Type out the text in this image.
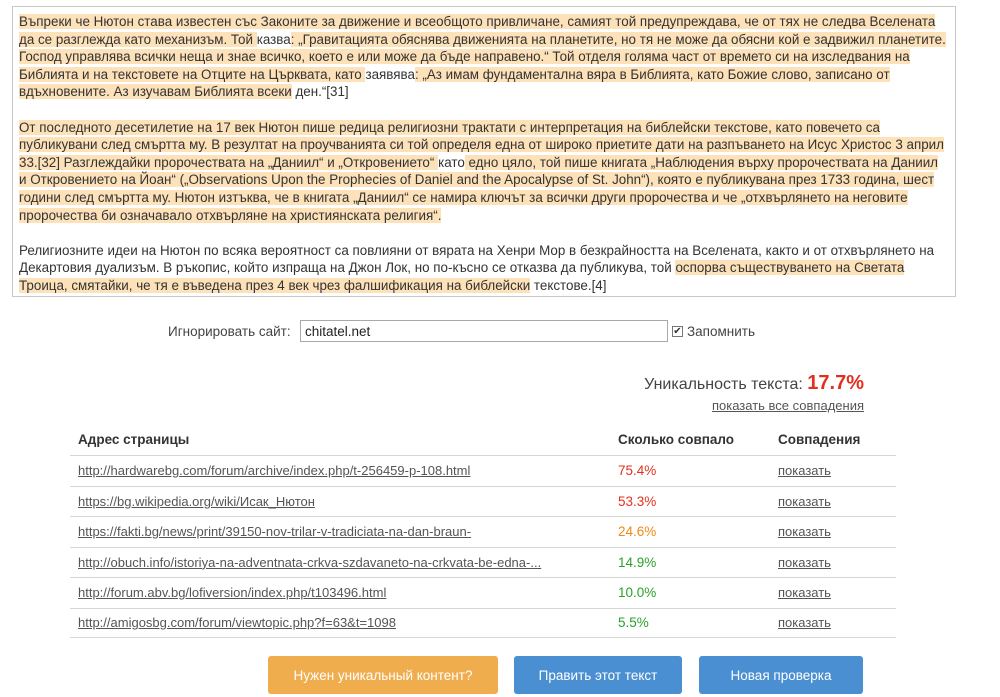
Въпреки че Нютон става известен със Законите за движение и всеобщото привличане, самият той предупреждава, че от тях не следва Вселената да се разглежда като механизъм. Той казва: „Гравитацията обяснява движенията на планетите, но тя не може да обясни кой е задвижил планетите. Господ управлява всички неща и знае всичко, което е или може да бъде направено.“ Той отделя голяма част от времето си на изследвания на Библията и на текстовете на Отците на Църквата, като заявява: „Аз имам фундаментална вяра в Библията, като Божие слово, записано от вдъхновените. Аз изучавам Библията всеки ден.“[31]

От последното десетилетие на 17 век Нютон пише редица религиозни трактати с интерпретация на библейски текстове, като повечето са публикувани след смъртта му. В резултат на проучванията си той определя една от широко приетите дати на разпъването на Исус Христос 3 април 33.[32] Разглеждайки пророчествата на „Даниил“ и „Откровението“ като едно цяло, той пише книгата „Наблюдения върху пророчествата на Даниил и Откровението на Йоан“ („Observations Upon the Prophecies of Daniel and the Apocalypse of St. John“), която е публикувана през 1733 година, шест години след смъртта му. Нютон изтъква, че в книгата „Даниил“ се намира ключът за всички други пророчества и че „отхвърлянето на неговите пророчества би означавало отхвърляне на християнската религия“.

Религиозните идеи на Нютон по всяка вероятност са повлияни от вярата на Хенри Мор в безкрайността на Вселената, както и от отхвърлянето на Декартовия дуализъм. В ръкопис, който изпраща на Джон Лок, но по-късно се отказва да публикува, той оспорва съществуването на Светата Троица, смятайки, че тя е въведена през 4 век чрез фалшификация на библейски текстове.[4]

Игнорировать сайт:
chitatel.net	✔ Запомнить
Уникальность текста: 17.7%
показать все совпадения
Адрес страницы	Сколько совпало	Совпадения
http://hardwarebg.com/forum/archive/index.php/t-256459-p-108.html	75.4%	показать
https://bg.wikipedia.org/wiki/Исак_Нютон	53.3%	показать
https://fakti.bg/news/print/39150-nov-trilar-v-tradiciata-na-dan-braun-	24.6%	показать
http://obuch.info/istoriya-na-adventnata-crkva-szdavaneto-na-crkvata-be-edna-...	14.9%	показать
http://forum.abv.bg/lofiversion/index.php/t103496.html	10.0%	показать
http://amigosbg.com/forum/viewtopic.php?f=63&t=1098	5.5%	показать
Нужен уникальный контент?	Править этот текст	Новая проверка
